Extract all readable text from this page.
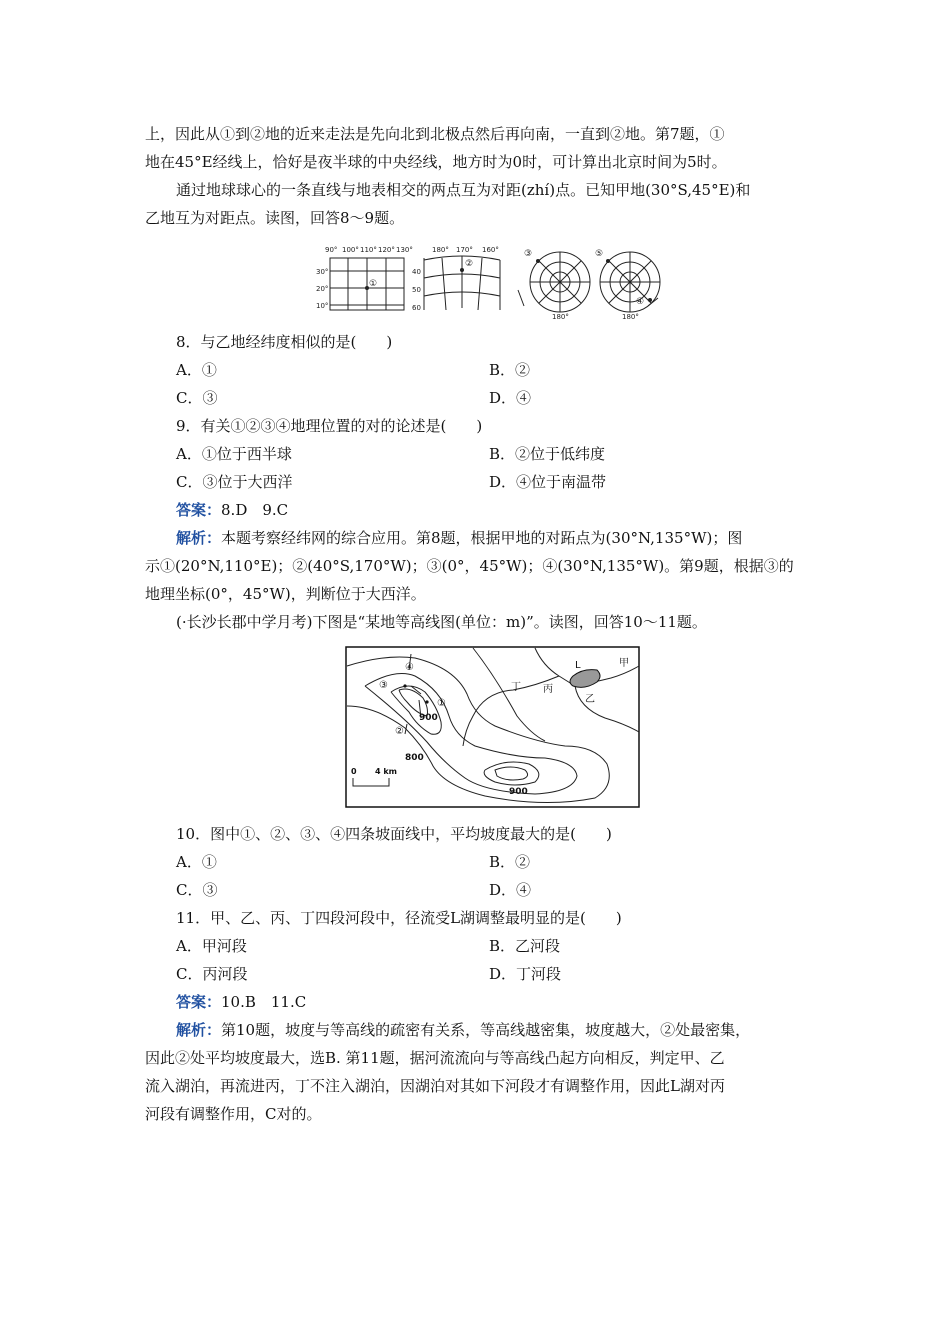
上，因此从①到②地的近来走法是先向北到北极点然后再向南，一直到②地。第7题，①
地在45°E经线上，恰好是夜半球的中央经线，地方时为0时，可计算出北京时间为5时。
通过地球球心的一条直线与地表相交的两点互为对距(zhí)点。已知甲地(30°S,45°E)和
乙地互为对距点。读图，回答8～9题。
90° 100° 110° 120° 130°
30°
20°
10°
①
180° 170° 160°
40
50
60
②
③
180°
⑤
④
180°
8．与乙地经纬度相似的是(　　)
A．①	B．②
C．③	D．④
9．有关①②③④地理位置的对的论述是(　　)
A．①位于西半球	B．②位于低纬度
C．③位于大西洋	D．④位于南温带
答案：8.D　9.C
解析：本题考察经纬网的综合应用。第8题，根据甲地的对跖点为(30°N,135°W)；图
示①(20°N,110°E)；②(40°S,170°W)；③(0°，45°W)；④(30°N,135°W)。第9题，根据③的
地理坐标(0°，45°W)，判断位于大西洋。
(·长沙长郡中学月考)下图是“某地等高线图(单位：m)”。读图，回答10～11题。
④
③
①
②
900
800
900
甲
乙
丙
丁
L
0 4 km
10．图中①、②、③、④四条坡面线中，平均坡度最大的是(　　)
A．①	B．②
C．③	D．④
11．甲、乙、丙、丁四段河段中，径流受L湖调整最明显的是(　　)
A．甲河段	B．乙河段
C．丙河段	D．丁河段
答案：10.B　11.C
解析：第10题，坡度与等高线的疏密有关系，等高线越密集，坡度越大，②处最密集，
因此②处平均坡度最大，选B. 第11题，据河流流向与等高线凸起方向相反，判定甲、乙
流入湖泊，再流进丙，丁不注入湖泊，因湖泊对其如下河段才有调整作用，因此L湖对丙
河段有调整作用，C对的。
